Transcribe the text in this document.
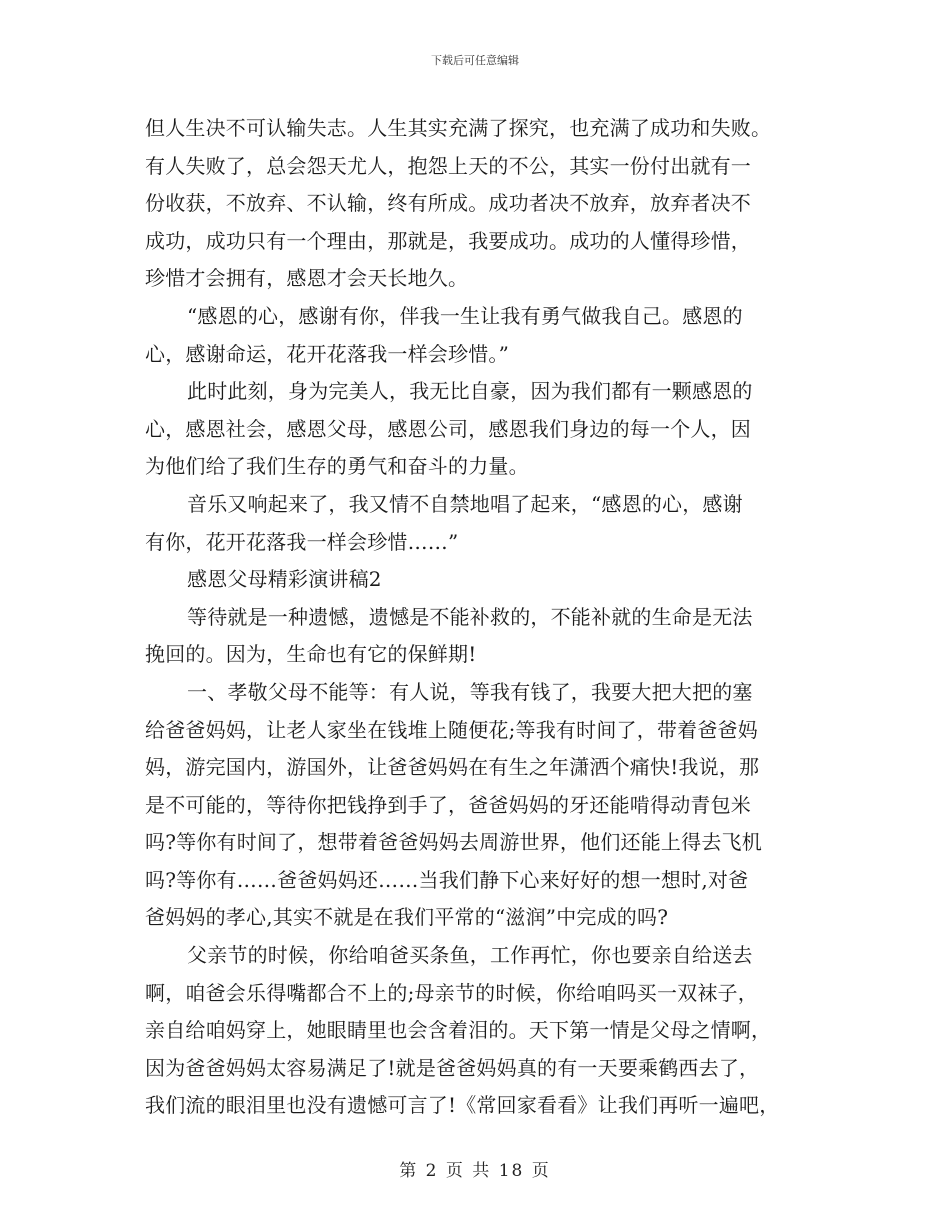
下载后可任意编辑
但人生决不可认输失志。人生其实充满了探究，也充满了成功和失败。
有人失败了，总会怨天尤人，抱怨上天的不公，其实一份付出就有一
份收获，不放弃、不认输，终有所成。成功者决不放弃，放弃者决不
成功，成功只有一个理由，那就是，我要成功。成功的人懂得珍惜，
珍惜才会拥有，感恩才会天长地久。
“感恩的心，感谢有你，伴我一生让我有勇气做我自己。感恩的
心，感谢命运，花开花落我一样会珍惜。”
此时此刻，身为完美人，我无比自豪，因为我们都有一颗感恩的
心，感恩社会，感恩父母，感恩公司，感恩我们身边的每一个人，因
为他们给了我们生存的勇气和奋斗的力量。
音乐又响起来了，我又情不自禁地唱了起来，“感恩的心，感谢
有你，花开花落我一样会珍惜……”
感恩父母精彩演讲稿2
等待就是一种遗憾，遗憾是不能补救的，不能补就的生命是无法
挽回的。因为，生命也有它的保鲜期!
一、孝敬父母不能等：有人说，等我有钱了，我要大把大把的塞
给爸爸妈妈，让老人家坐在钱堆上随便花;等我有时间了，带着爸爸妈
妈，游完国内，游国外，让爸爸妈妈在有生之年潇洒个痛快!我说，那
是不可能的，等待你把钱挣到手了，爸爸妈妈的牙还能啃得动青包米
吗?等你有时间了，想带着爸爸妈妈去周游世界，他们还能上得去飞机
吗?等你有……爸爸妈妈还……当我们静下心来好好的想一想时,对爸
爸妈妈的孝心,其实不就是在我们平常的“滋润”中完成的吗?
父亲节的时候，你给咱爸买条鱼，工作再忙，你也要亲自给送去
啊，咱爸会乐得嘴都合不上的;母亲节的时候，你给咱吗买一双袜子，
亲自给咱妈穿上，她眼睛里也会含着泪的。天下第一情是父母之情啊，
因为爸爸妈妈太容易满足了!就是爸爸妈妈真的有一天要乘鹤西去了，
我们流的眼泪里也没有遗憾可言了!《常回家看看》让我们再听一遍吧，
第 2 页 共 18 页
